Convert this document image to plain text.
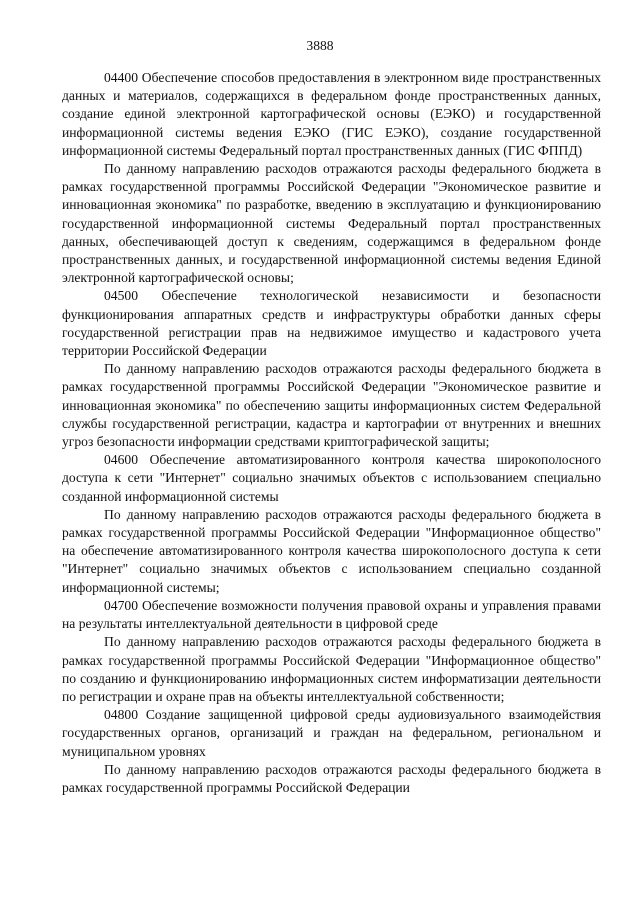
3888

04400 Обеспечение способов предоставления в электронном виде пространственных данных и материалов, содержащихся в федеральном фонде пространственных данных, создание единой электронной картографической основы (ЕЭКО) и государственной информационной системы ведения ЕЭКО (ГИС ЕЭКО), создание государственной информационной системы Федеральный портал пространственных данных (ГИС ФППД)

По данному направлению расходов отражаются расходы федерального бюджета в рамках государственной программы Российской Федерации "Экономическое развитие и инновационная экономика" по разработке, введению в эксплуатацию и функционированию государственной информационной системы Федеральный портал пространственных данных, обеспечивающей доступ к сведениям, содержащимся в федеральном фонде пространственных данных, и государственной информационной системы ведения Единой электронной картографической основы;

04500 Обеспечение технологической независимости и безопасности функционирования аппаратных средств и инфраструктуры обработки данных сферы государственной регистрации прав на недвижимое имущество и кадастрового учета территории Российской Федерации

По данному направлению расходов отражаются расходы федерального бюджета в рамках государственной программы Российской Федерации "Экономическое развитие и инновационная экономика" по обеспечению защиты информационных систем Федеральной службы государственной регистрации, кадастра и картографии от внутренних и внешних угроз безопасности информации средствами криптографической защиты;

04600 Обеспечение автоматизированного контроля качества широкополосного доступа к сети "Интернет" социально значимых объектов с использованием специально созданной информационной системы

По данному направлению расходов отражаются расходы федерального бюджета в рамках государственной программы Российской Федерации "Информационное общество" на обеспечение автоматизированного контроля качества широкополосного доступа к сети "Интернет" социально значимых объектов с использованием специально созданной информационной системы;

04700 Обеспечение возможности получения правовой охраны и управления правами на результаты интеллектуальной деятельности в цифровой среде

По данному направлению расходов отражаются расходы федерального бюджета в рамках государственной программы Российской Федерации "Информационное общество" по созданию и функционированию информационных систем информатизации деятельности по регистрации и охране прав на объекты интеллектуальной собственности;

04800 Создание защищенной цифровой среды аудиовизуального взаимодействия государственных органов, организаций и граждан на федеральном, региональном и муниципальном уровнях

По данному направлению расходов отражаются расходы федерального бюджета в рамках государственной программы Российской Федерации
